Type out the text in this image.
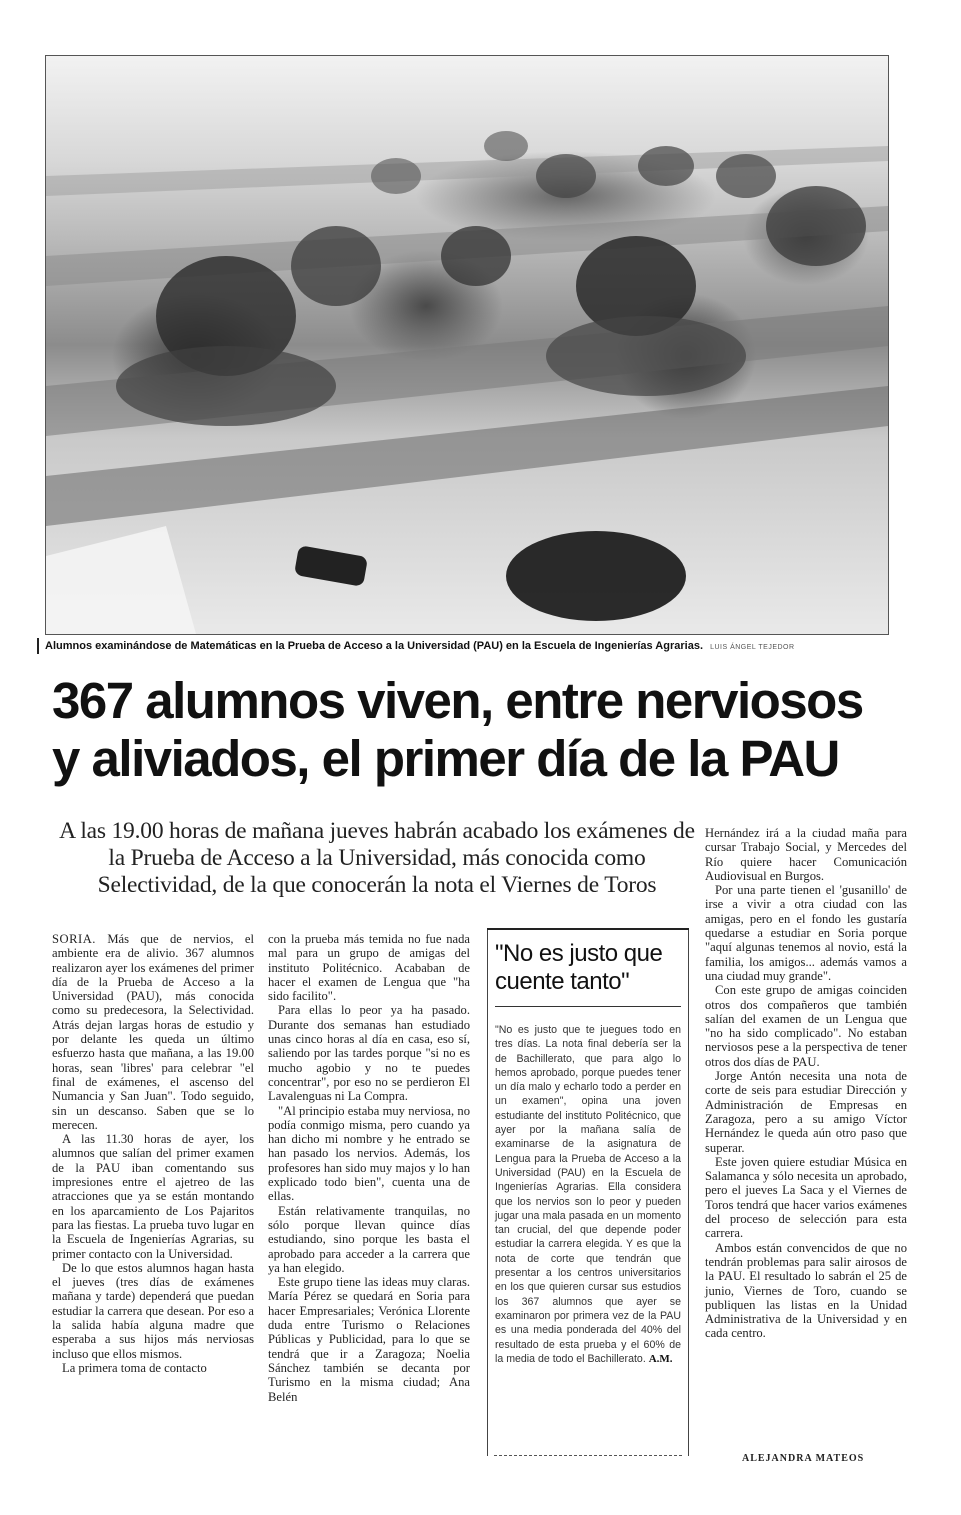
Alumnos examinándose de Matemáticas en la Prueba de Acceso a la Universidad (PAU) en la Escuela de Ingenierías Agrarias. LUIS ÁNGEL TEJEDOR
367 alumnos viven, entre nerviosos
y aliviados, el primer día de la PAU

A las 19.00 horas de mañana jueves habrán acabado los exámenes de la Prueba de Acceso a la Universidad, más conocida como Selectividad, de la que conocerán la nota el Viernes de Toros

SORIA. Más que de nervios, el ambiente era de alivio. 367 alumnos realizaron ayer los exámenes del primer día de la Prueba de Acceso a la Universidad (PAU), más conocida como su predecesora, la Selectividad. Atrás dejan largas horas de estudio y por delante les queda un último esfuerzo hasta que mañana, a las 19.00 horas, sean 'libres' para celebrar "el final de exámenes, el ascenso del Numancia y San Juan". Todo seguido, sin un descanso. Saben que se lo merecen.

A las 11.30 horas de ayer, los alumnos que salían del primer examen de la PAU iban comentando sus impresiones entre el ajetreo de las atracciones que ya se están montando en los aparcamiento de Los Pajaritos para las fiestas. La prueba tuvo lugar en la Escuela de Ingenierías Agrarias, su primer contacto con la Universidad.

De lo que estos alumnos hagan hasta el jueves (tres días de exámenes mañana y tarde) dependerá que puedan estudiar la carrera que desean. Por eso a la salida había alguna madre que esperaba a sus hijos más nerviosas incluso que ellos mismos.

La primera toma de contacto

con la prueba más temida no fue nada mal para un grupo de amigas del instituto Politécnico. Acababan de hacer el examen de Lengua que "ha sido facilito".

Para ellas lo peor ya ha pasado. Durante dos semanas han estudiado unas cinco horas al día en casa, eso sí, saliendo por las tardes porque "si no es mucho agobio y no te puedes concentrar", por eso no se perdieron El Lavalenguas ni La Compra.

"Al principio estaba muy nerviosa, no podía conmigo misma, pero cuando ya han dicho mi nombre y he entrado se han pasado los nervios. Además, los profesores han sido muy majos y lo han explicado todo bien", cuenta una de ellas.

Están relativamente tranquilas, no sólo porque llevan quince días estudiando, sino porque les basta el aprobado para acceder a la carrera que ya han elegido.

Este grupo tiene las ideas muy claras. María Pérez se quedará en Soria para hacer Empresariales; Verónica Llorente duda entre Turismo o Relaciones Públicas y Publicidad, para lo que se tendrá que ir a Zaragoza; Noelia Sánchez también se decanta por Turismo en la misma ciudad; Ana Belén

"No es justo que cuente tanto"

"No es justo que te juegues todo en tres días. La nota final debería ser la de Bachillerato, que para algo lo hemos aprobado, porque puedes tener un día malo y echarlo todo a perder en un examen", opina una joven estudiante del instituto Politécnico, que ayer por la mañana salía de examinarse de la asignatura de Lengua para la Prueba de Acceso a la Universidad (PAU) en la Escuela de Ingenierías Agrarias. Ella considera que los nervios son lo peor y pueden jugar una mala pasada en un momento tan crucial, del que depende poder estudiar la carrera elegida. Y es que la nota de corte que tendrán que presentar a los centros universitarios en los que quieren cursar sus estudios los 367 alumnos que ayer se examinaron por primera vez de la PAU es una media ponderada del 40% del resultado de esta prueba y el 60% de la media de todo el Bachillerato. A.M.

Hernández irá a la ciudad maña para cursar Trabajo Social, y Mercedes del Río quiere hacer Comunicación Audiovisual en Burgos.

Por una parte tienen el 'gusanillo' de irse a vivir a otra ciudad con las amigas, pero en el fondo les gustaría quedarse a estudiar en Soria porque "aquí algunas tenemos al novio, está la familia, los amigos... además vamos a una ciudad muy grande".

Con este grupo de amigas coinciden otros dos compañeros que también salían del examen de un Lengua que "no ha sido complicado". No estaban nerviosos pese a la perspectiva de tener otros dos días de PAU.

Jorge Antón necesita una nota de corte de seis para estudiar Dirección y Administración de Empresas en Zaragoza, pero a su amigo Víctor Hernández le queda aún otro paso que superar.

Este joven quiere estudiar Música en Salamanca y sólo necesita un aprobado, pero el jueves La Saca y el Viernes de Toros tendrá que hacer varios exámenes del proceso de selección para esta carrera.

Ambos están convencidos de que no tendrán problemas para salir airosos de la PAU. El resultado lo sabrán el 25 de junio, Viernes de Toro, cuando se publiquen las listas en la Unidad Administrativa de la Universidad y en cada centro.

ALEJANDRA MATEOS
